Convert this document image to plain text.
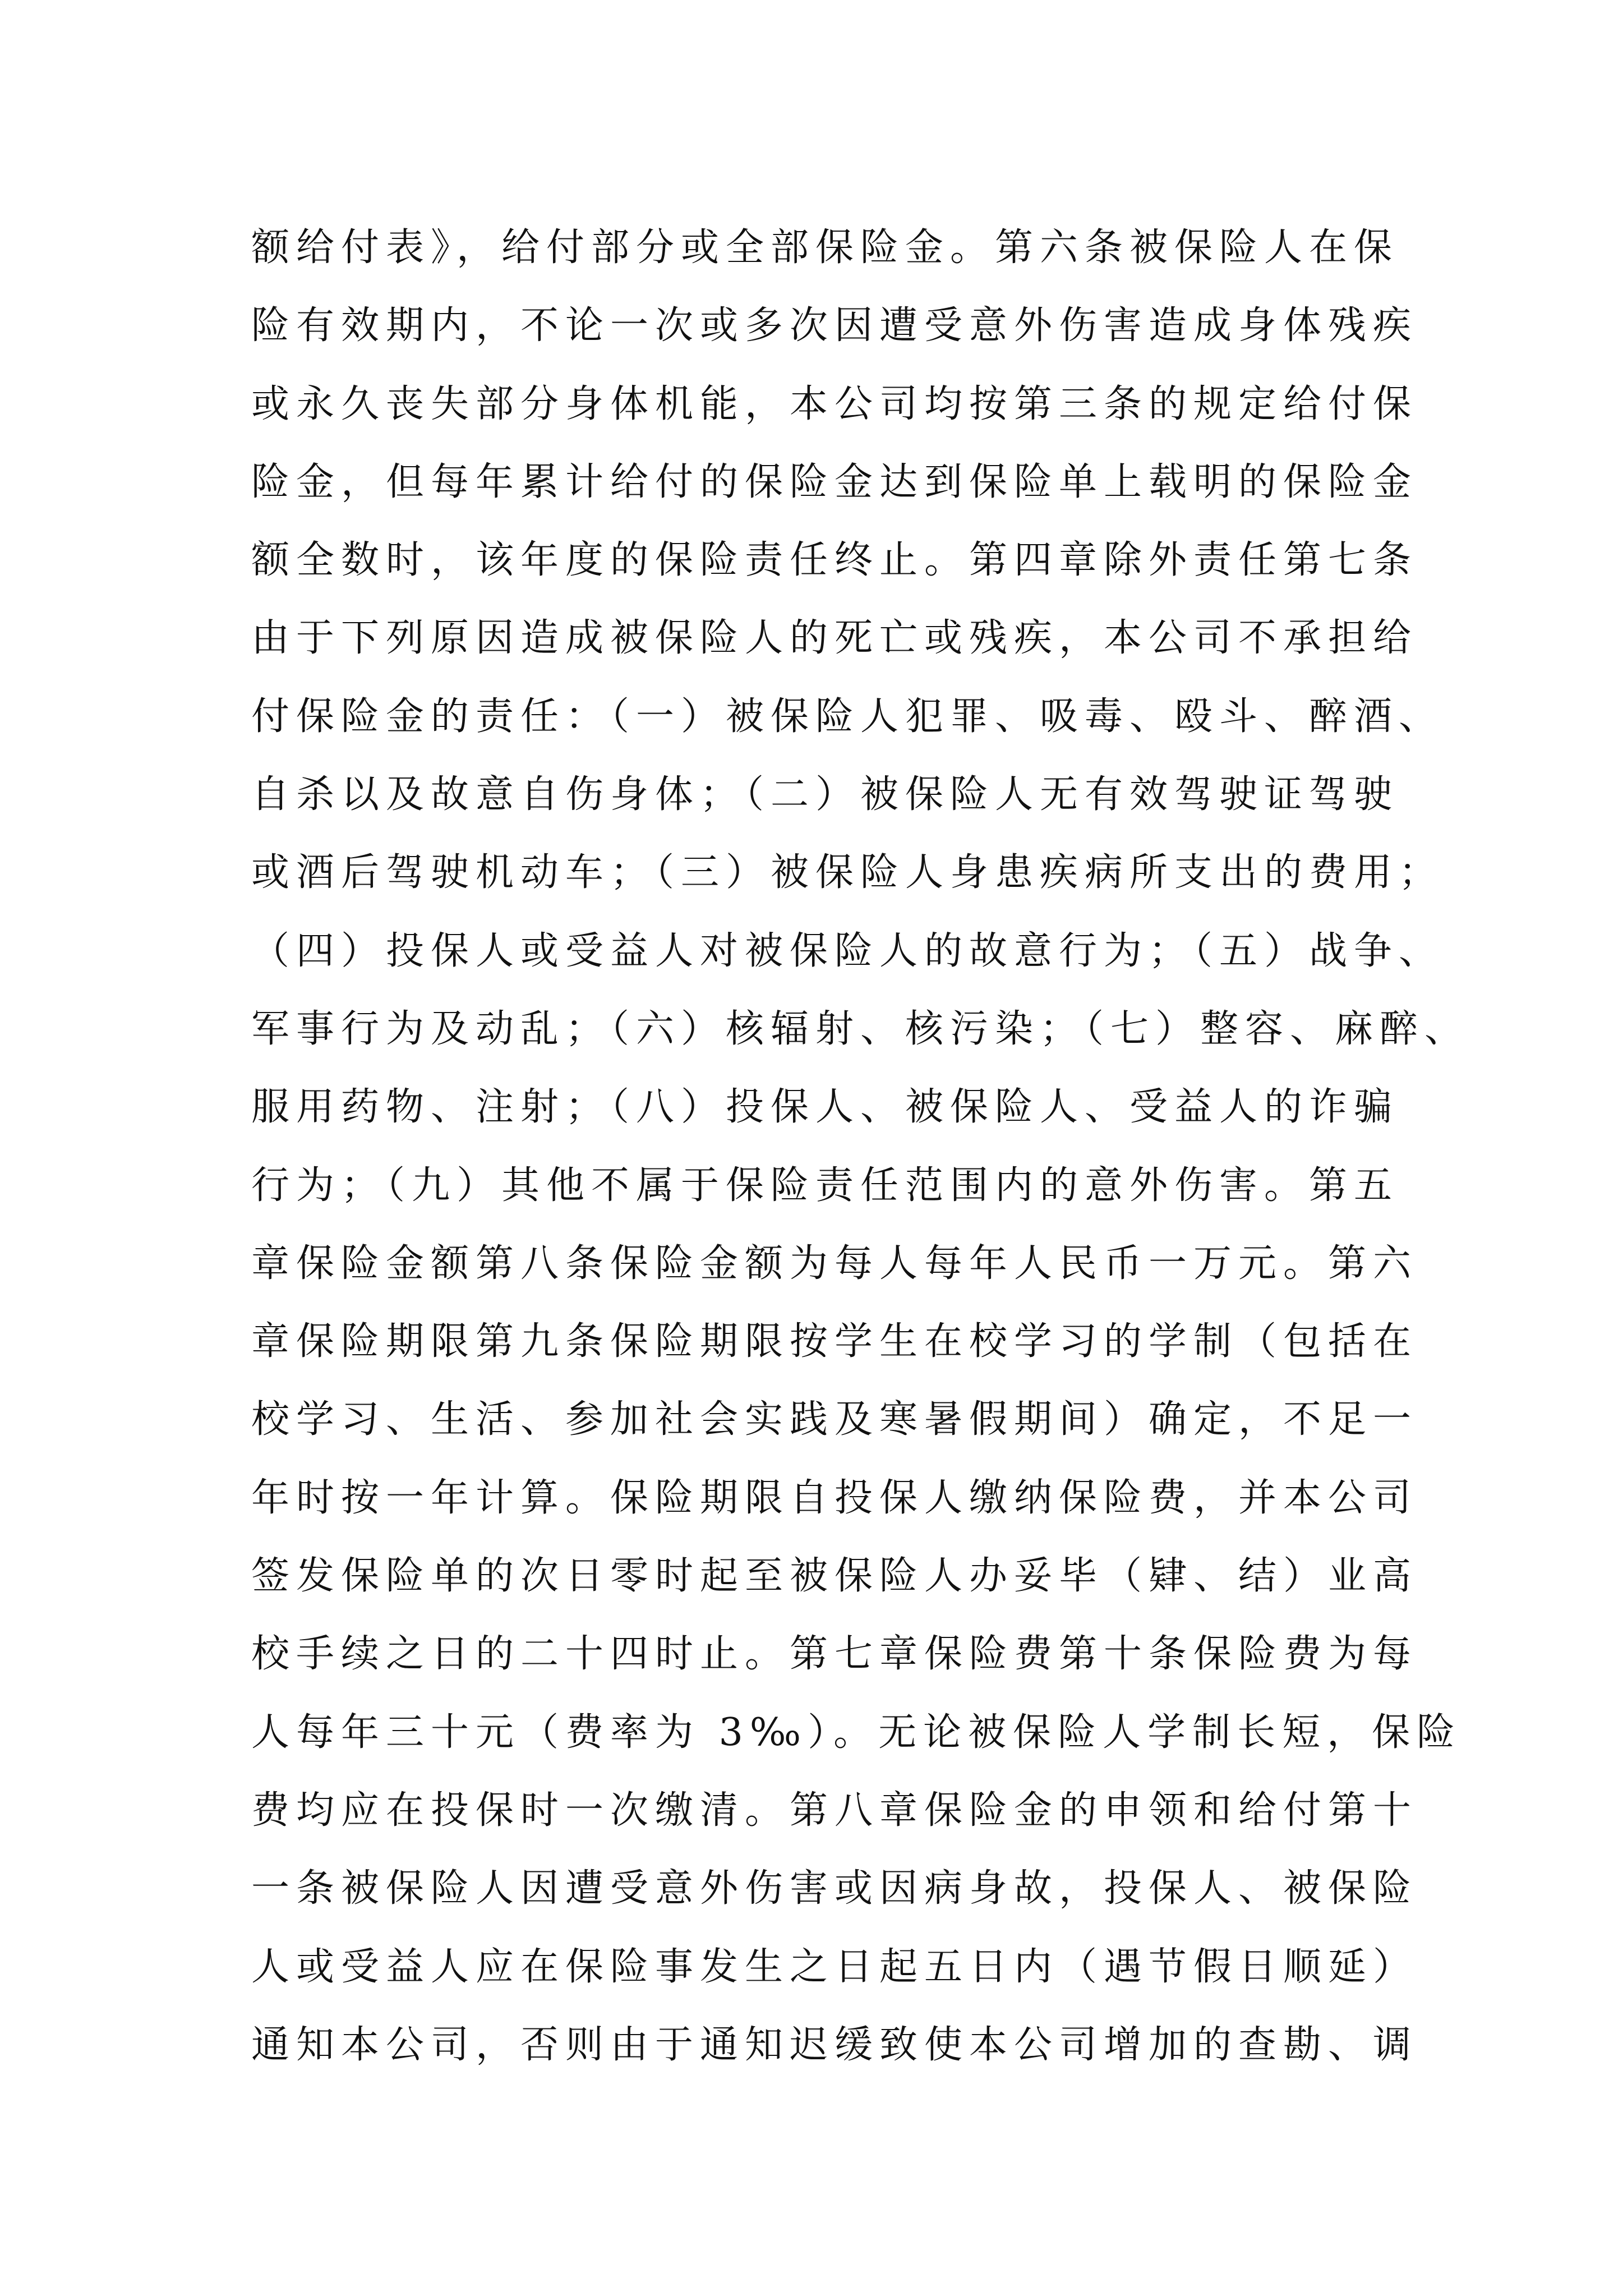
额给付表》，给付部分或全部保险金。第六条被保险人在保
险有效期内，不论一次或多次因遭受意外伤害造成身体残疾
或永久丧失部分身体机能，本公司均按第三条的规定给付保
险金，但每年累计给付的保险金达到保险单上载明的保险金
额全数时，该年度的保险责任终止。第四章除外责任第七条
由于下列原因造成被保险人的死亡或残疾，本公司不承担给
付保险金的责任：（一）被保险人犯罪、吸毒、殴斗、醉酒、
自杀以及故意自伤身体；（二）被保险人无有效驾驶证驾驶
或酒后驾驶机动车；（三）被保险人身患疾病所支出的费用；
（四）投保人或受益人对被保险人的故意行为；（五）战争、
军事行为及动乱；（六）核辐射、核污染；（七）整容、麻醉、
服用药物、注射；（八）投保人、被保险人、受益人的诈骗
行为；（九）其他不属于保险责任范围内的意外伤害。第五
章保险金额第八条保险金额为每人每年人民币一万元。第六
章保险期限第九条保险期限按学生在校学习的学制（包括在
校学习、生活、参加社会实践及寒暑假期间）确定，不足一
年时按一年计算。保险期限自投保人缴纳保险费，并本公司
签发保险单的次日零时起至被保险人办妥毕（肄、结）业高
校手续之日的二十四时止。第七章保险费第十条保险费为每
人每年三十元（费率为 3‰）。无论被保险人学制长短，保险
费均应在投保时一次缴清。第八章保险金的申领和给付第十
一条被保险人因遭受意外伤害或因病身故，投保人、被保险
人或受益人应在保险事发生之日起五日内（遇节假日顺延）
通知本公司，否则由于通知迟缓致使本公司增加的查勘、调
